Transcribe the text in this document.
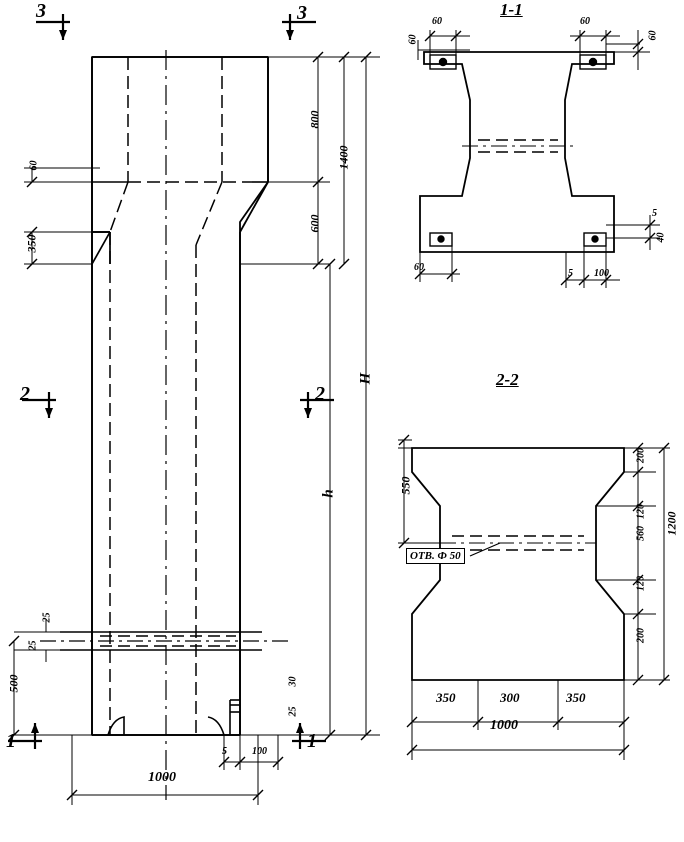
1-1
2-2
3	3
2	2
1	1
800
1400
600
H
h
60
350
25
25
500
1000
5	100
30
25
60
60
60
60
60
5 100
5
40
550
200
120
560
120
200
1200
350	300	350
1000
ОТВ. Ф 50
